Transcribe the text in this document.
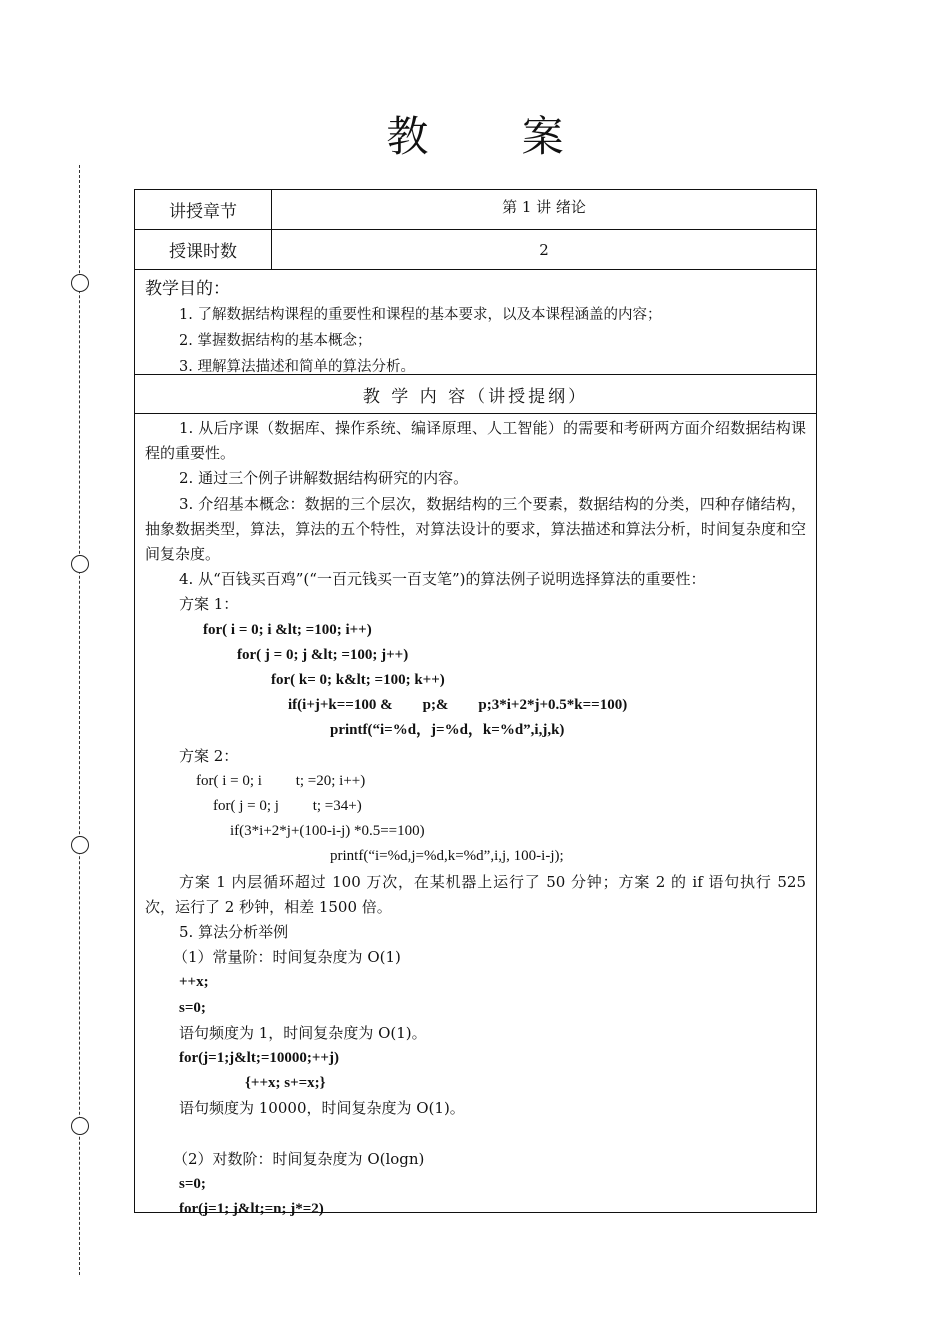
教 案
讲授章节	第 1 讲 绪论
授课时数	2
教学目的：
1. 了解数据结构课程的重要性和课程的基本要求，以及本课程涵盖的内容；
2. 掌握数据结构的基本概念；
3. 理解算法描述和简单的算法分析。
教 学 内 容（讲授提纲）

1. 从后序课（数据库、操作系统、编译原理、人工智能）的需要和考研两方面介绍数据结构课程的重要性。

2. 通过三个例子讲解数据结构研究的内容。

3. 介绍基本概念：数据的三个层次，数据结构的三个要素，数据结构的分类，四种存储结构，抽象数据类型，算法，算法的五个特性，对算法设计的要求，算法描述和算法分析，时间复杂度和空间复杂度。

4. 从“百钱买百鸡”(“一百元钱买一百支笔”)的算法例子说明选择算法的重要性：

方案 1：

for( i = 0; i &lt; =100; i++)

for( j = 0; j &lt; =100; j++)

for( k= 0; k&lt; =100; k++)

if(i+j+k==100 &        p;&        p;3*i+2*j+0.5*k==100)

printf(“i=%d，j=%d，k=%d”,i,j,k)

方案 2：

for( i = 0; i         t; =20; i++)

for( j = 0; j         t; =34+)

if(3*i+2*j+(100-i-j) *0.5==100)

printf(“i=%d,j=%d,k=%d”,i,j, 100-i-j);

方案 1 内层循环超过 100 万次，在某机器上运行了 50 分钟；方案 2 的 if 语句执行 525 次，运行了 2 秒钟，相差 1500 倍。

5. 算法分析举例

（1）常量阶：时间复杂度为 O(1)

++x;

s=0;

语句频度为 1，时间复杂度为 O(1)。

for(j=1;j&lt;=10000;++j)

{++x; s+=x;}

语句频度为 10000，时间复杂度为 O(1)。

（2）对数阶：时间复杂度为 O(logn)

s=0;

for(j=1; j&lt;=n; j*=2)
